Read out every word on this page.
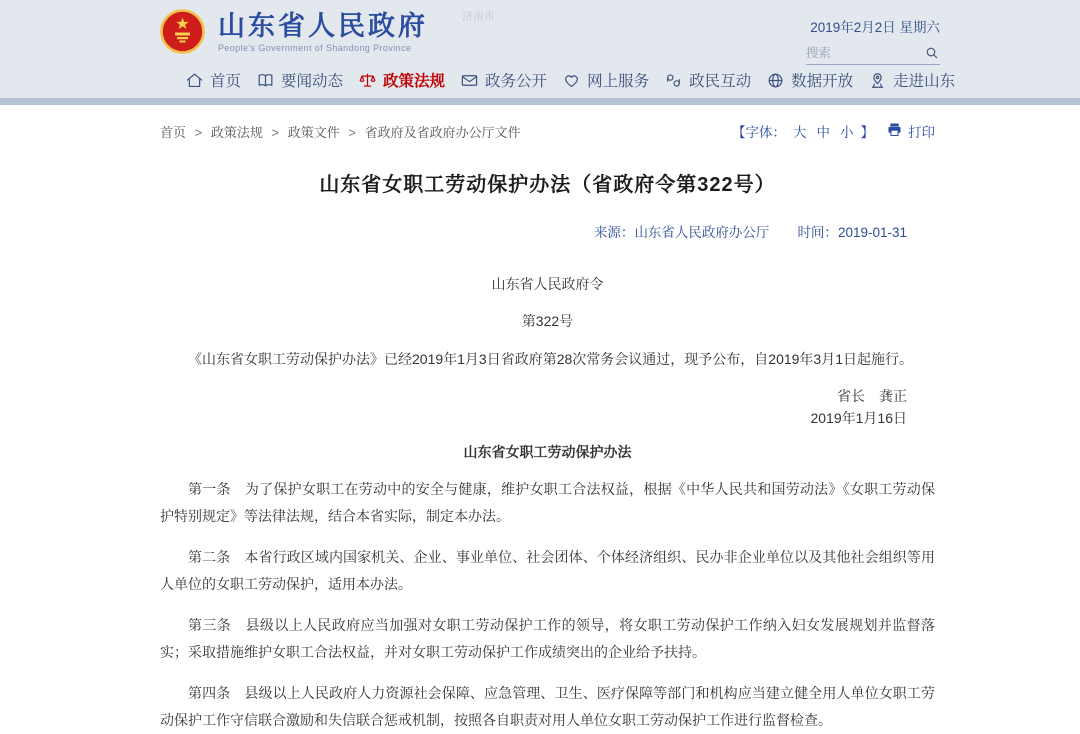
济南市
山东省人民政府
People's Government of Shandong Province
2019年2月2日 星期六
搜索
首页	要闻动态	政策法规	政务公开	网上服务	政民互动	数据开放	走进山东
首页 > 政策法规 > 政策文件 > 省政府及省政府办公厅文件	【字体： 大 中 小 】	打印
山东省女职工劳动保护办法（省政府令第322号）
来源：山东省人民政府办公厅 时间：2019-01-31
山东省人民政府令
第322号

《山东省女职工劳动保护办法》已经2019年1月3日省政府第28次常务会议通过，现予公布，自2019年3月1日起施行。

省长　龚正
2019年1月16日
山东省女职工劳动保护办法

第一条　为了保护女职工在劳动中的安全与健康，维护女职工合法权益，根据《中华人民共和国劳动法》《女职工劳动保护特别规定》等法律法规，结合本省实际，制定本办法。

第二条　本省行政区域内国家机关、企业、事业单位、社会团体、个体经济组织、民办非企业单位以及其他社会组织等用人单位的女职工劳动保护，适用本办法。

第三条　县级以上人民政府应当加强对女职工劳动保护工作的领导，将女职工劳动保护工作纳入妇女发展规划并监督落实；采取措施维护女职工合法权益，并对女职工劳动保护工作成绩突出的企业给予扶持。

第四条　县级以上人民政府人力资源社会保障、应急管理、卫生、医疗保障等部门和机构应当建立健全用人单位女职工劳动保护工作守信联合激励和失信联合惩戒机制，按照各自职责对用人单位女职工劳动保护工作进行监督检查。
